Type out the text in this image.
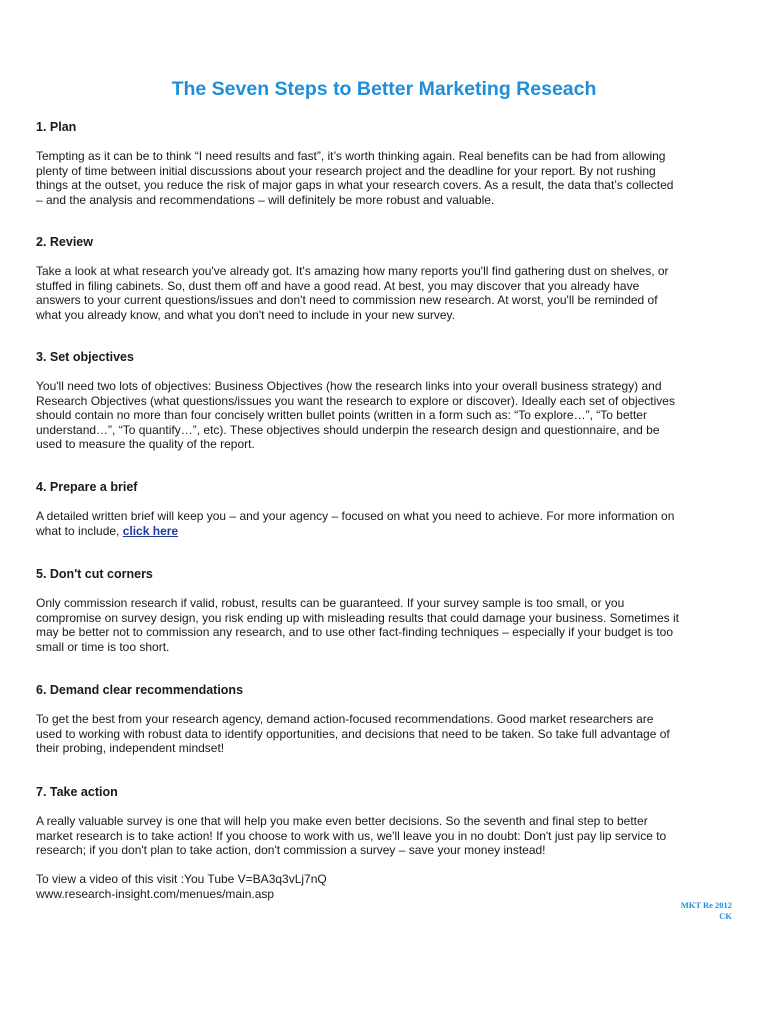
The Seven Steps to Better Marketing Reseach
1. Plan
Tempting as it can be to think “I need results and fast”, it’s worth thinking again. Real benefits can be had from allowing
plenty of time between initial discussions about your research project and the deadline for your report. By not rushing
things at the outset, you reduce the risk of major gaps in what your research covers. As a result, the data that’s collected
– and the analysis and recommendations – will definitely be more robust and valuable.
2. Review
Take a look at what research you've already got. It's amazing how many reports you'll find gathering dust on shelves, or
stuffed in filing cabinets. So, dust them off and have a good read. At best, you may discover that you already have
answers to your current questions/issues and don't need to commission new research. At worst, you'll be reminded of
what you already know, and what you don't need to include in your new survey.
3. Set objectives
You'll need two lots of objectives: Business Objectives (how the research links into your overall business strategy) and
Research Objectives (what questions/issues you want the research to explore or discover). Ideally each set of objectives
should contain no more than four concisely written bullet points (written in a form such as: “To explore…”, “To better
understand…”, “To quantify…”, etc). These objectives should underpin the research design and questionnaire, and be
used to measure the quality of the report.
4. Prepare a brief
A detailed written brief will keep you – and your agency – focused on what you need to achieve. For more information on
what to include, click here
5. Don't cut corners
Only commission research if valid, robust, results can be guaranteed. If your survey sample is too small, or you
compromise on survey design, you risk ending up with misleading results that could damage your business. Sometimes it
may be better not to commission any research, and to use other fact-finding techniques – especially if your budget is too
small or time is too short.
6. Demand clear recommendations
To get the best from your research agency, demand action-focused recommendations. Good market researchers are
used to working with robust data to identify opportunities, and decisions that need to be taken. So take full advantage of
their probing, independent mindset!
7. Take action
A really valuable survey is one that will help you make even better decisions. So the seventh and final step to better
market research is to take action! If you choose to work with us, we'll leave you in no doubt: Don't just pay lip service to
research; if you don't plan to take action, don't commission a survey – save your money instead!
To view a video of this visit :You Tube V=BA3q3vLj7nQ
www.research-insight.com/menues/main.asp
MKT Re 2012
CK
